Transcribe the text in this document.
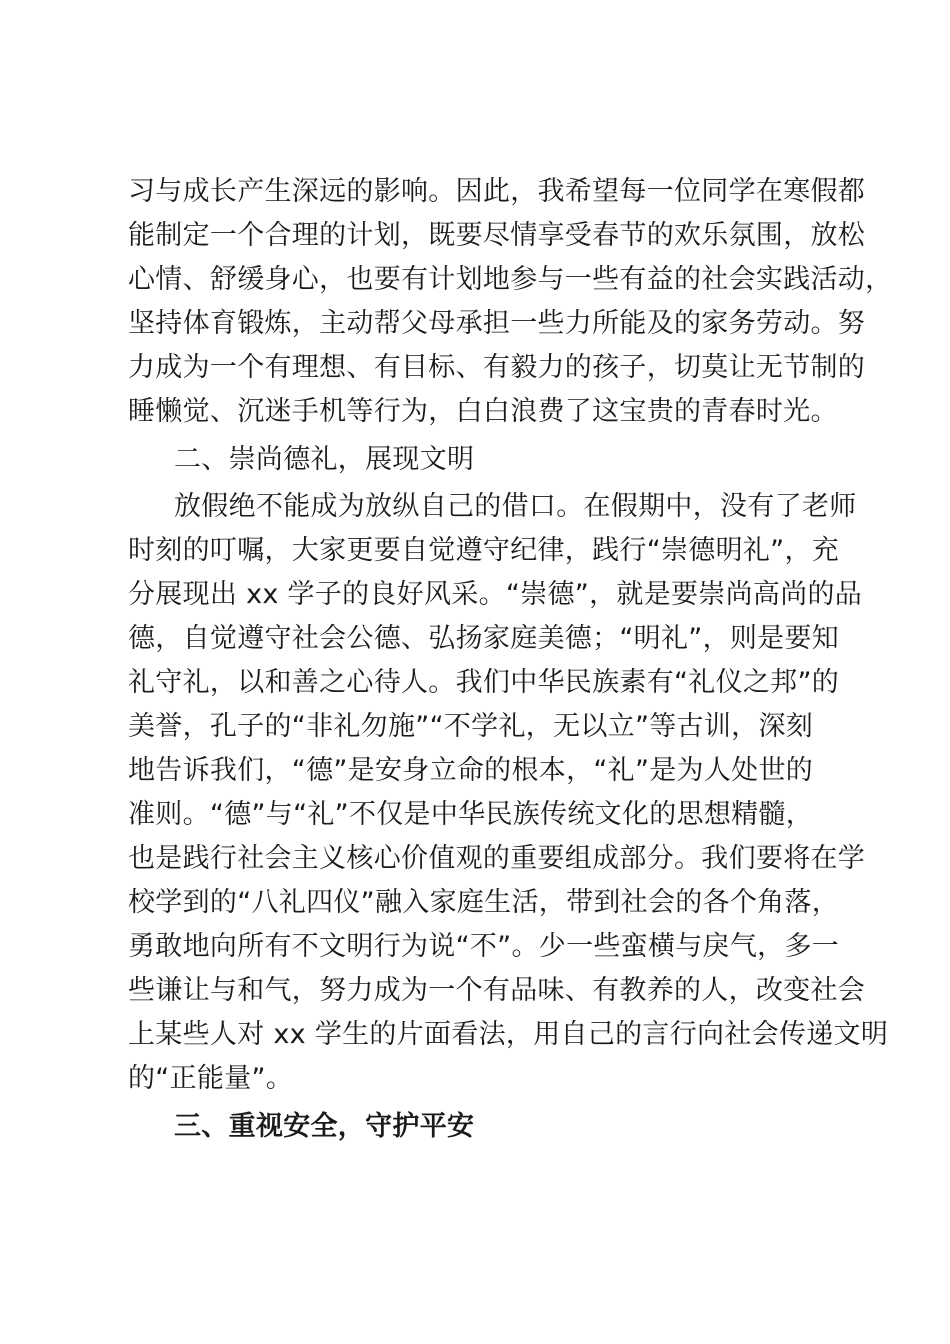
习与成长产生深远的影响。因此，我希望每一位同学在寒假都
能制定一个合理的计划，既要尽情享受春节的欢乐氛围，放松
心情、舒缓身心，也要有计划地参与一些有益的社会实践活动，
坚持体育锻炼，主动帮父母承担一些力所能及的家务劳动。努
力成为一个有理想、有目标、有毅力的孩子，切莫让无节制的
睡懒觉、沉迷手机等行为，白白浪费了这宝贵的青春时光。
二、崇尚德礼，展现文明
放假绝不能成为放纵自己的借口。在假期中，没有了老师
时刻的叮嘱，大家更要自觉遵守纪律，践行“崇德明礼”，充
分展现出 xx 学子的良好风采。“崇德”，就是要崇尚高尚的品
德，自觉遵守社会公德、弘扬家庭美德；“明礼”，则是要知
礼守礼，以和善之心待人。我们中华民族素有“礼仪之邦”的
美誉，孔子的“非礼勿施”“不学礼，无以立”等古训，深刻
地告诉我们，“德”是安身立命的根本，“礼”是为人处世的
准则。“德”与“礼”不仅是中华民族传统文化的思想精髓，
也是践行社会主义核心价值观的重要组成部分。我们要将在学
校学到的“八礼四仪”融入家庭生活，带到社会的各个角落，
勇敢地向所有不文明行为说“不”。少一些蛮横与戾气，多一
些谦让与和气，努力成为一个有品味、有教养的人，改变社会
上某些人对 xx 学生的片面看法，用自己的言行向社会传递文明
的“正能量”。
三、重视安全，守护平安
